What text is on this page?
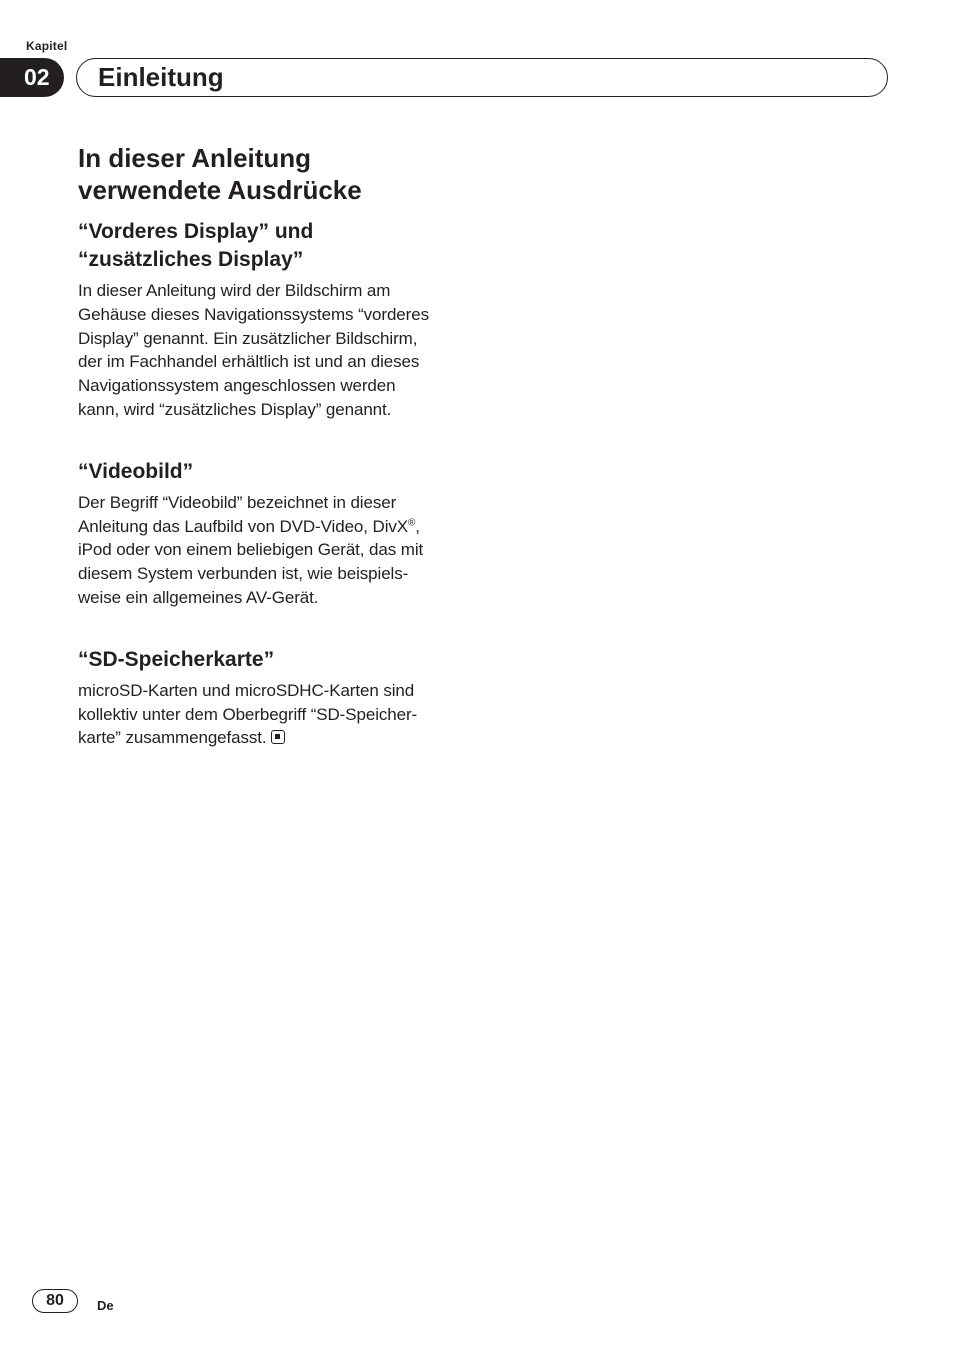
Kapitel
02	Einleitung
In dieser Anleitung
verwendete Ausdrücke
“Vorderes Display” und
“zusätzliches Display”

In dieser Anleitung wird der Bildschirm am
Gehäuse dieses Navigationssystems “vorderes
Display” genannt. Ein zusätzlicher Bildschirm,
der im Fachhandel erhältlich ist und an dieses
Navigationssystem angeschlossen werden
kann, wird “zusätzliches Display” genannt.

“Videobild”

Der Begriff “Videobild” bezeichnet in dieser
Anleitung das Laufbild von DVD-Video, DivX®,
iPod oder von einem beliebigen Gerät, das mit
diesem System verbunden ist, wie beispiels-
weise ein allgemeines AV-Gerät.

“SD-Speicherkarte”

microSD-Karten und microSDHC-Karten sind
kollektiv unter dem Oberbegriff “SD-Speicher-
karte” zusammengefasst.

80	De
